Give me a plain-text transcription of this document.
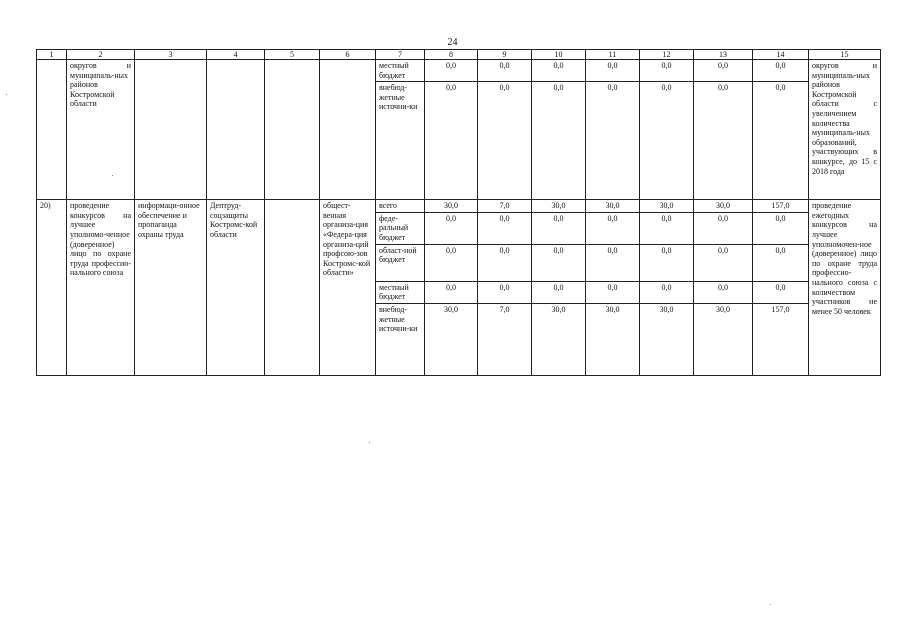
24
1	2	3	4	5	6	7	8	9	10	11	12	13	14	15
	округов и муниципаль-ных районов Костромской области					местный бюджет	0,0	0,0	0,0	0,0	0,0	0,0	0,0	округов и муниципаль-ных районов Костромской области с увеличением количества муниципаль-ных образований, участвующих в конкурсе, до 15 с 2018 года
						внебюд-жетные источни-ки	0,0	0,0	0,0	0,0	0,0	0,0	0,0	
20)	проведение конкурсов на лучшее уполномо-ченное (доверенное) лицо по охране труда профессио-нального союза	информаци-онное обеспечение и пропаганда охраны труда	Дептруд-соцзащиты Костромс-кой области		общест-венная организа-ция «Федера-ция организа-ций профсою-зов Костромс-кой области»	всего	30,0	7,0	30,0	30,0	30,0	30,0	157,0	проведение ежегодных конкурсов на лучшее уполномочен-ное (доверенное) лицо по охране труда профессио-нального союза с количеством участников не менее 50 человек
						феде-ральный бюджет	0,0	0,0	0,0	0,0	0,0	0,0	0,0	
						област-ной бюджет	0,0	0,0	0,0	0,0	0,0	0,0	0,0	
						местный бюджет	0,0	0,0	0,0	0,0	0,0	0,0	0,0	
						внебюд-жетные источни-ки	30,0	7,0	30,0	30,0	30,0	30,0	157,0	
